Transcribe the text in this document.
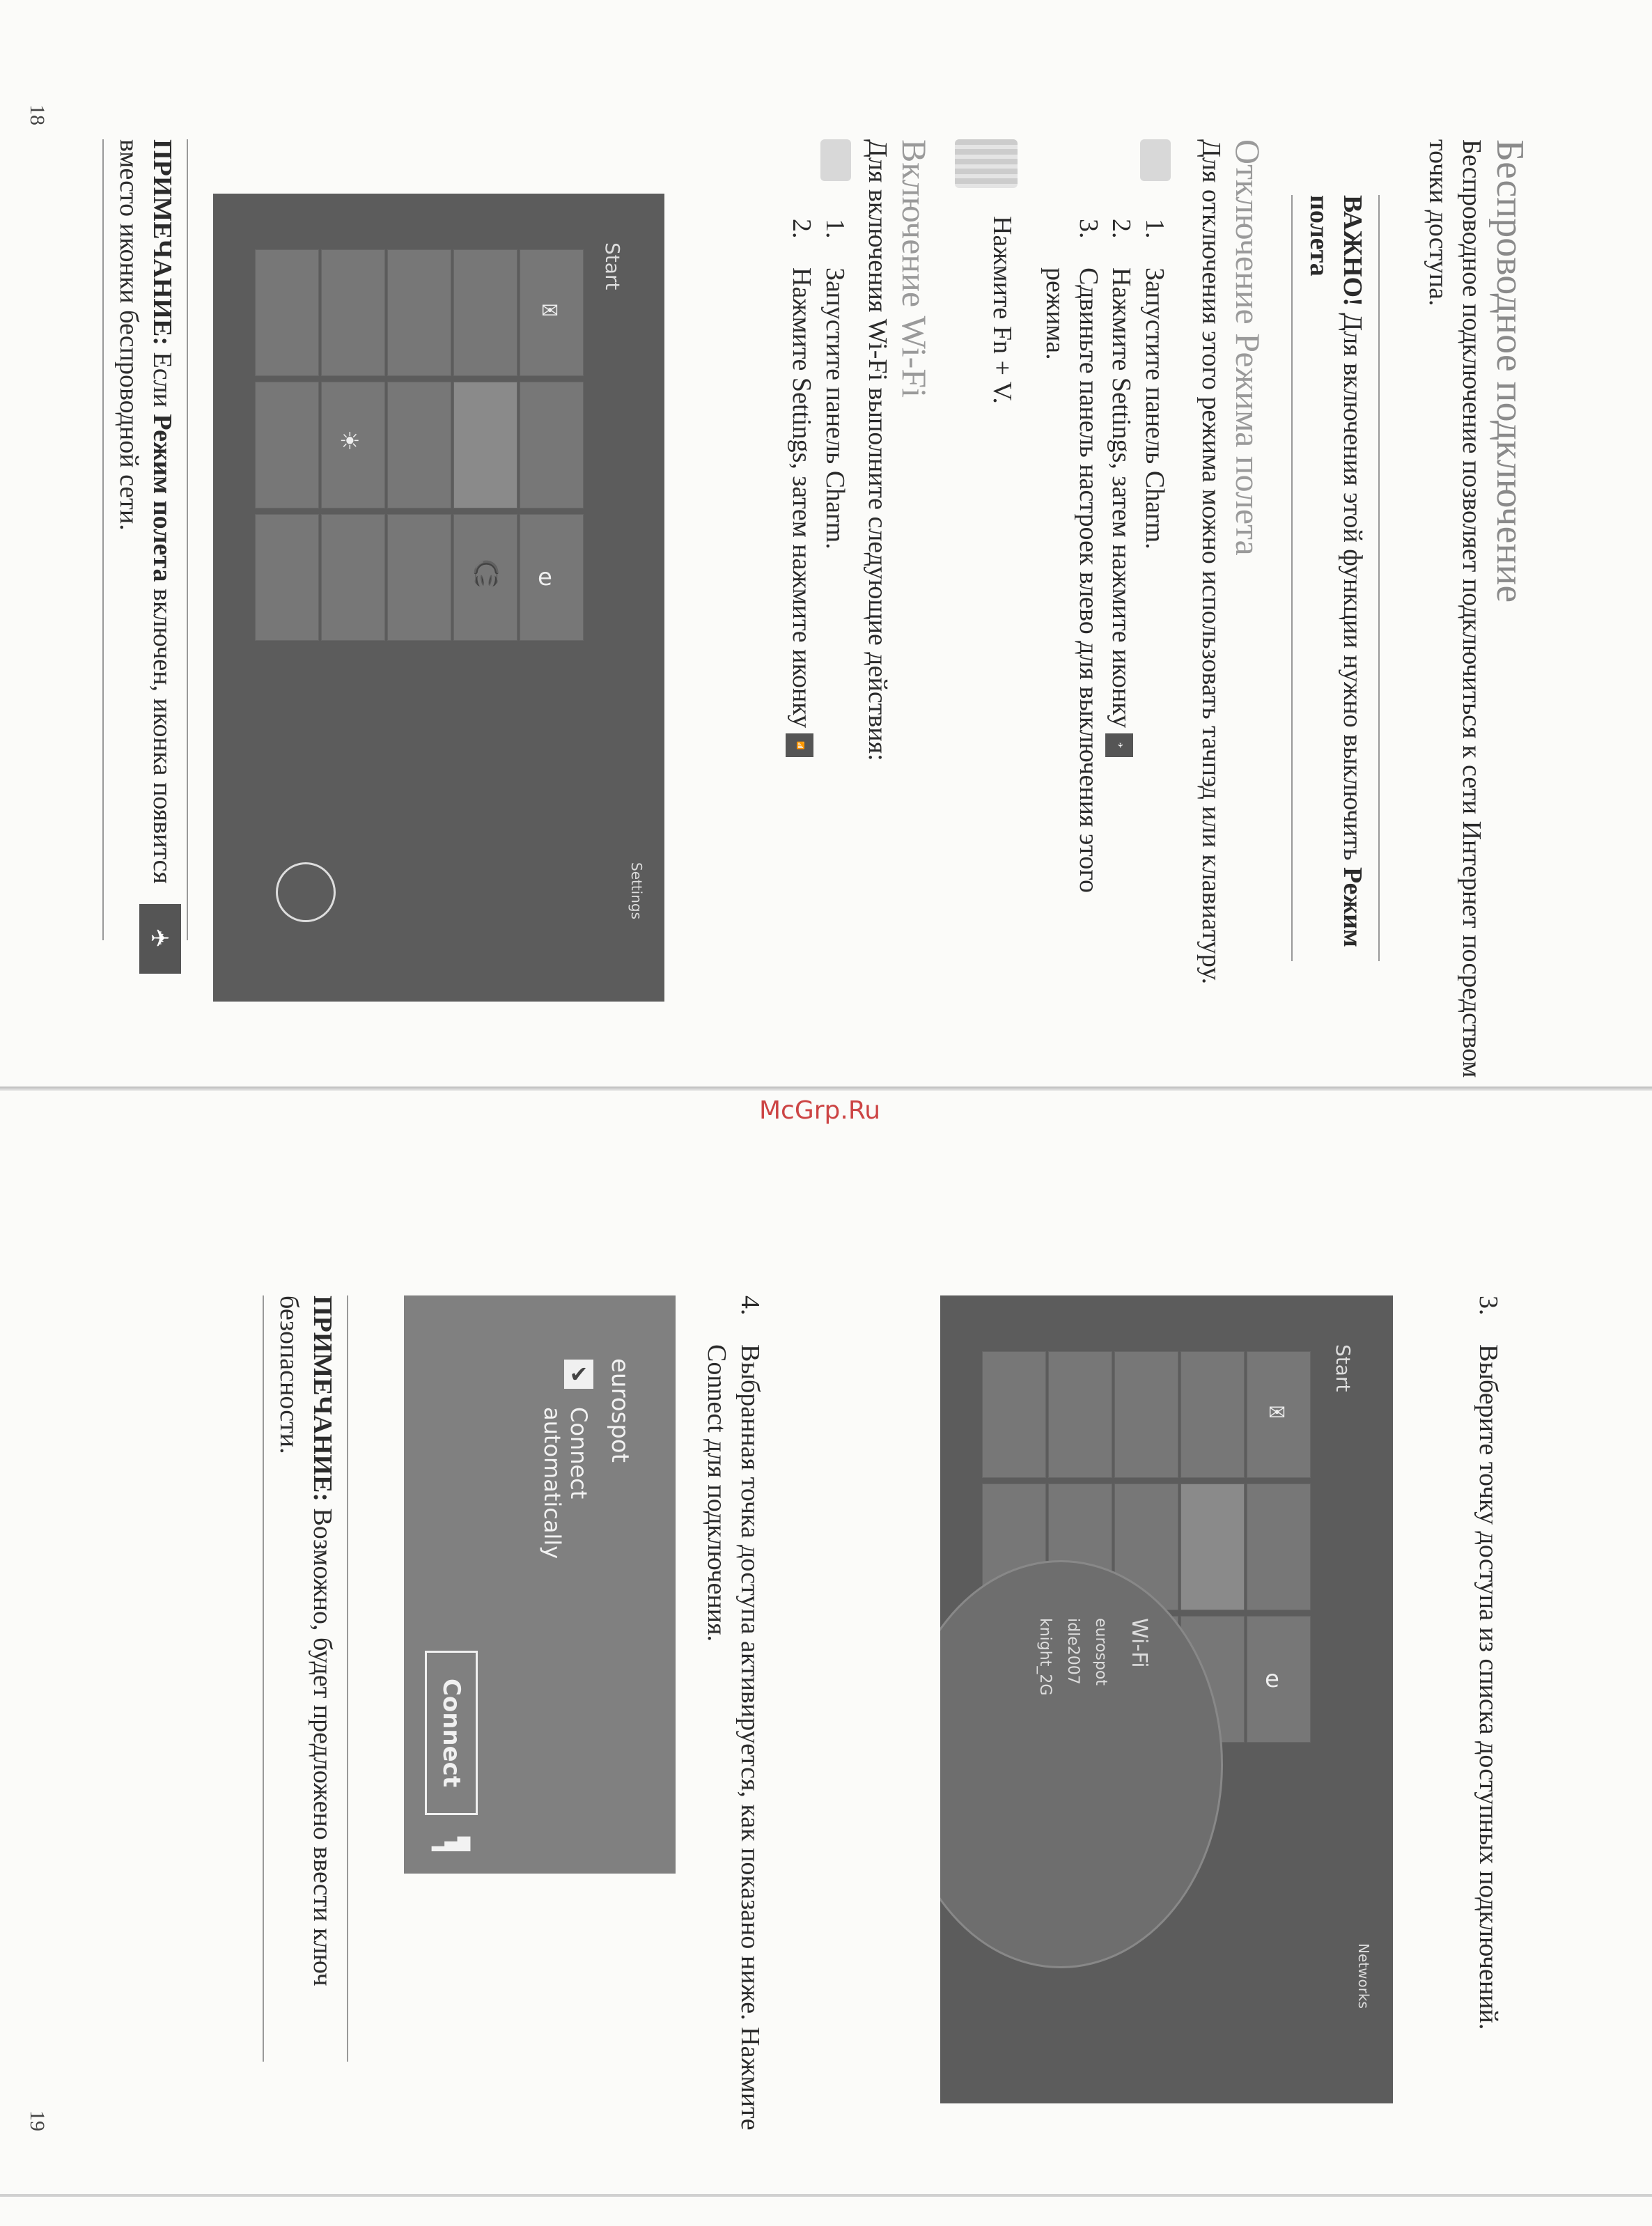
18
19
McGrp.Ru
Беспроводное подключение

Беспроводное подключение позволяет подключиться к сети Интернет посредством точки доступа.

ВАЖНО! Для включения этой функции нужно выключить Режим полета

Отключение Режима полета

Для отключения этого режима можно использовать тачпэд или клавиатуру.

1.
Запустите панель Charm.
2.
Нажмите Settings, затем нажмите иконку✈
3.
Сдвиньте панель настроек влево для выключения этого режима.
Нажмите Fn + V.
Включение Wi-Fi

Для включения Wi-Fi выполните следующие действия:

1.
Запустите панель Charm.
2.
Нажмите Settings, затем нажмите иконку📶
Start
Settings
✉
e
🎧
☀
✈

ПРИМЕЧАНИЕ: Если Режим полета включен, иконка появится вместо иконки беспроводной сети.

3.
Выберите точку доступа из списка доступных подключений.
Start
Networks
✉
e
Wi-Fi
eurospot
idle2007
knight_2G
4.
Выбранная точка доступа активируется, как показано ниже. Нажмите Connect для подключения.
eurospot
✔
Connect automatically
Connect
▂▄▆

ПРИМЕЧАНИЕ: Возможно, будет предложено ввести ключ безопасности.
